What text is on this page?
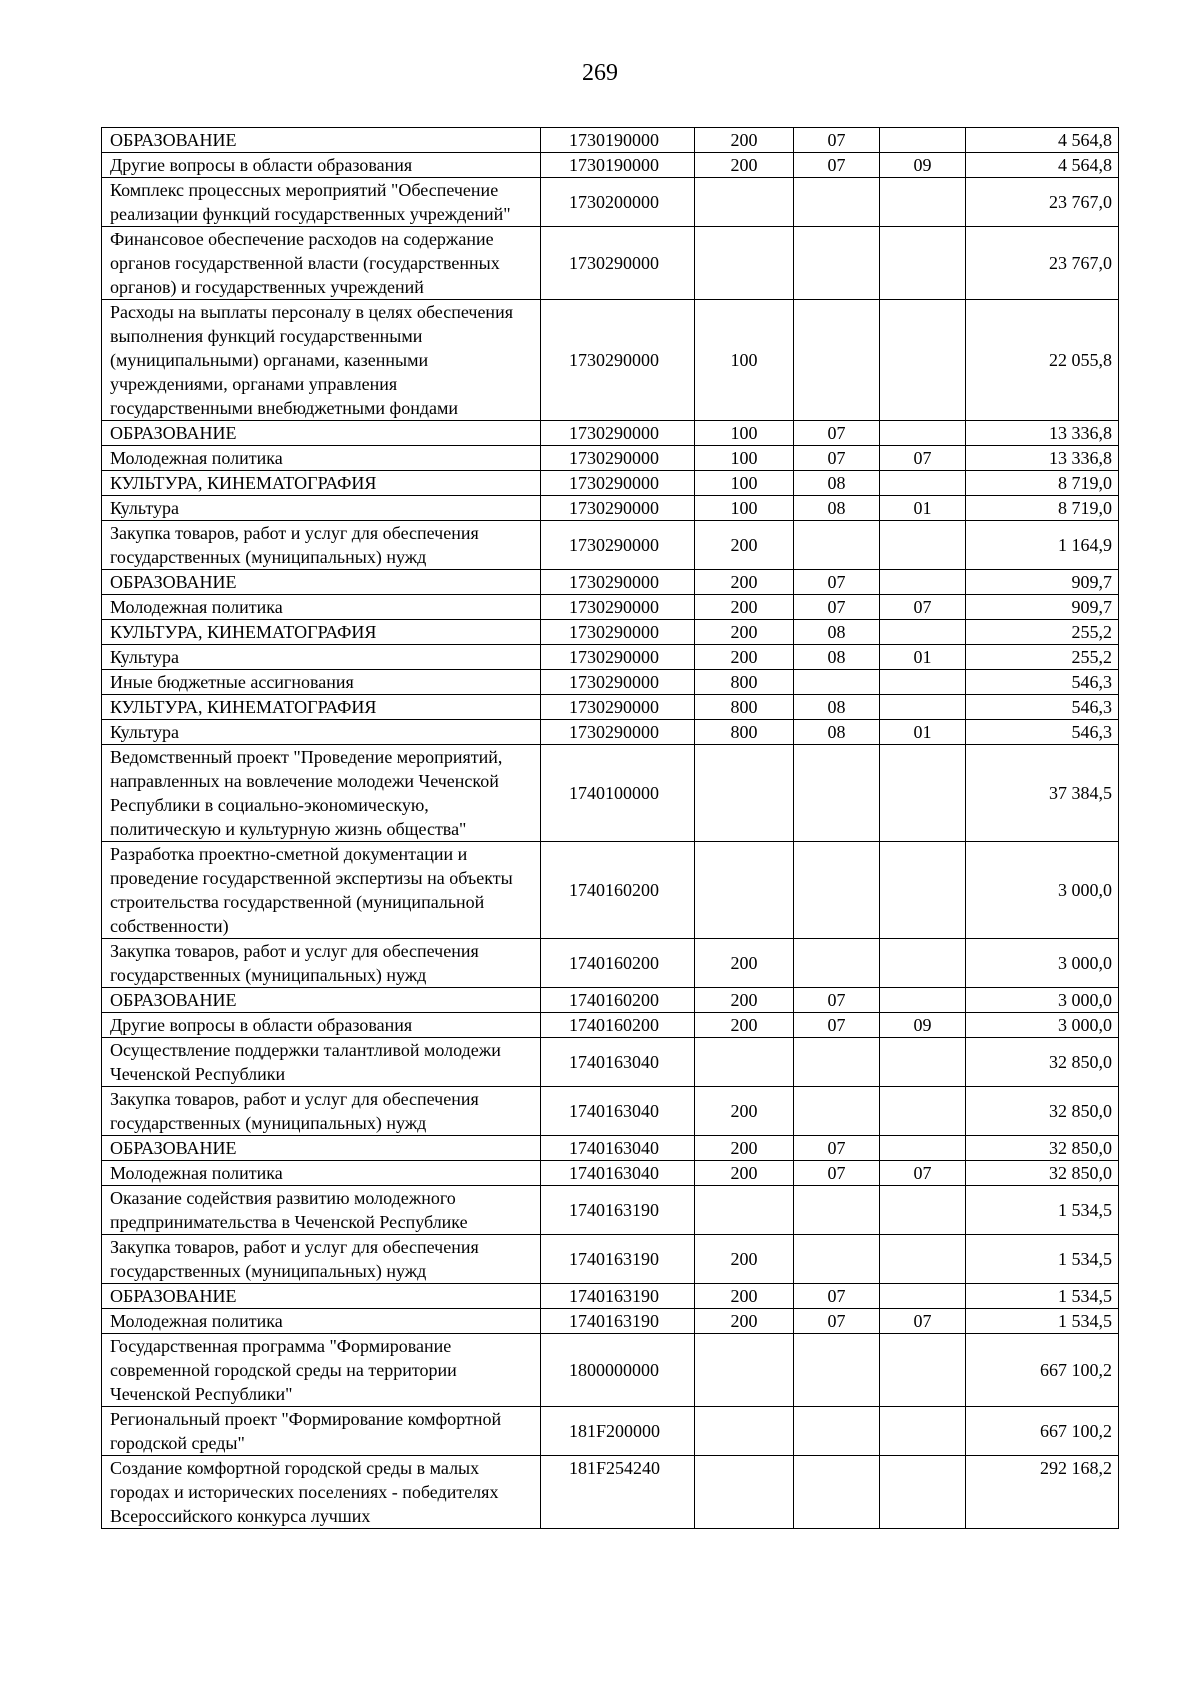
269
ОБРАЗОВАНИЕ	1730190000	200	07		4 564,8
Другие вопросы в области образования	1730190000	200	07	09	4 564,8
Комплекс процессных мероприятий "Обеспечение реализации функций государственных учреждений"	1730200000				23 767,0
Финансовое обеспечение расходов на содержание органов государственной власти (государственных органов) и государственных учреждений	1730290000				23 767,0
Расходы на выплаты персоналу в целях обеспечения выполнения функций государственными (муниципальными) органами, казенными учреждениями, органами управления государственными внебюджетными фондами	1730290000	100			22 055,8
ОБРАЗОВАНИЕ	1730290000	100	07		13 336,8
Молодежная политика	1730290000	100	07	07	13 336,8
КУЛЬТУРА, КИНЕМАТОГРАФИЯ	1730290000	100	08		8 719,0
Культура	1730290000	100	08	01	8 719,0
Закупка товаров, работ и услуг для обеспечения государственных (муниципальных) нужд	1730290000	200			1 164,9
ОБРАЗОВАНИЕ	1730290000	200	07		909,7
Молодежная политика	1730290000	200	07	07	909,7
КУЛЬТУРА, КИНЕМАТОГРАФИЯ	1730290000	200	08		255,2
Культура	1730290000	200	08	01	255,2
Иные бюджетные ассигнования	1730290000	800			546,3
КУЛЬТУРА, КИНЕМАТОГРАФИЯ	1730290000	800	08		546,3
Культура	1730290000	800	08	01	546,3
Ведомственный проект "Проведение мероприятий, направленных на вовлечение молодежи Чеченской Республики в социально-экономическую, политическую и культурную жизнь общества"	1740100000				37 384,5
Разработка проектно-сметной документации и проведение государственной экспертизы на объекты строительства государственной (муниципальной собственности)	1740160200				3 000,0
Закупка товаров, работ и услуг для обеспечения государственных (муниципальных) нужд	1740160200	200			3 000,0
ОБРАЗОВАНИЕ	1740160200	200	07		3 000,0
Другие вопросы в области образования	1740160200	200	07	09	3 000,0
Осуществление поддержки талантливой молодежи Чеченской Республики	1740163040				32 850,0
Закупка товаров, работ и услуг для обеспечения государственных (муниципальных) нужд	1740163040	200			32 850,0
ОБРАЗОВАНИЕ	1740163040	200	07		32 850,0
Молодежная политика	1740163040	200	07	07	32 850,0
Оказание содействия развитию молодежного предпринимательства в Чеченской Республике	1740163190				1 534,5
Закупка товаров, работ и услуг для обеспечения государственных (муниципальных) нужд	1740163190	200			1 534,5
ОБРАЗОВАНИЕ	1740163190	200	07		1 534,5
Молодежная политика	1740163190	200	07	07	1 534,5
Государственная программа "Формирование современной городской среды на территории Чеченской Республики"	1800000000				667 100,2
Региональный проект "Формирование комфортной городской среды"	181F200000				667 100,2
Создание комфортной городской среды в малых городах и исторических поселениях - победителях Всероссийского конкурса лучших	181F254240				292 168,2
